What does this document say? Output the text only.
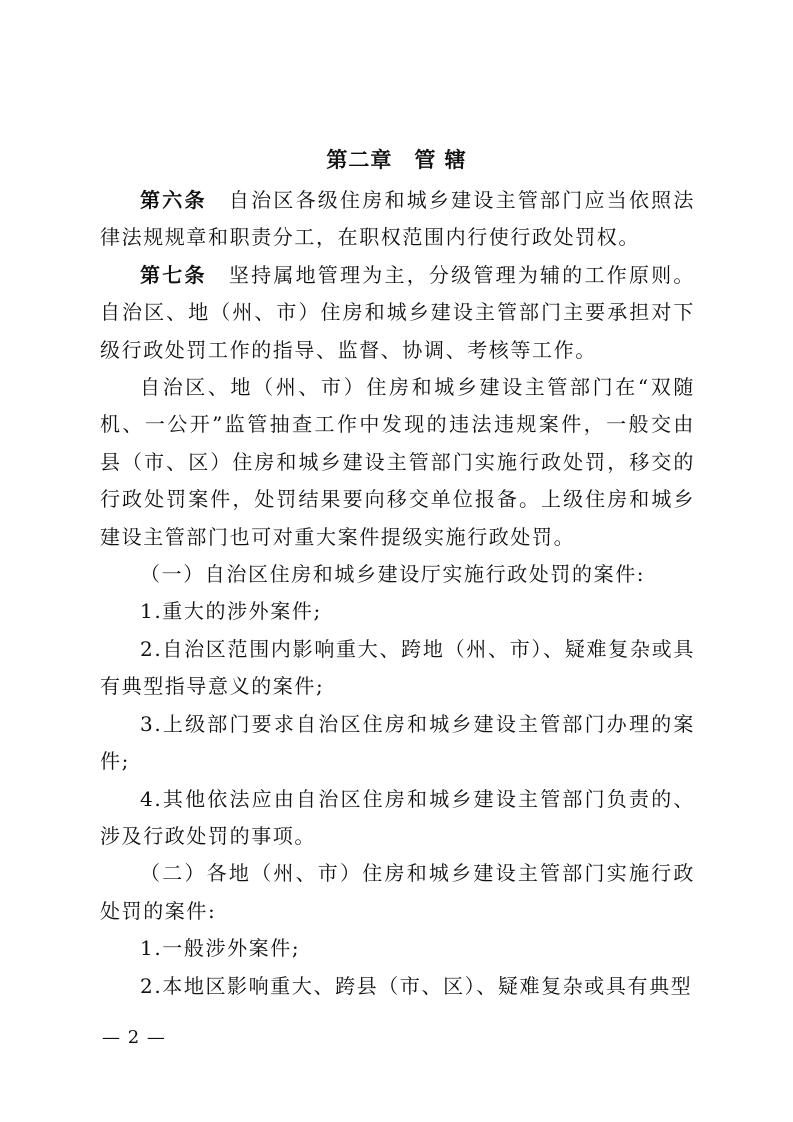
第二章　管 辖

第六条　自治区各级住房和城乡建设主管部门应当依照法律法规规章和职责分工，在职权范围内行使行政处罚权。

第七条　坚持属地管理为主，分级管理为辅的工作原则。自治区、地（州、市）住房和城乡建设主管部门主要承担对下级行政处罚工作的指导、监督、协调、考核等工作。

自治区、地（州、市）住房和城乡建设主管部门在“双随机、一公开”监管抽查工作中发现的违法违规案件，一般交由县（市、区）住房和城乡建设主管部门实施行政处罚，移交的行政处罚案件，处罚结果要向移交单位报备。上级住房和城乡建设主管部门也可对重大案件提级实施行政处罚。

（一）自治区住房和城乡建设厅实施行政处罚的案件:

1.重大的涉外案件;

2.自治区范围内影响重大、跨地（州、市）、疑难复杂或具有典型指导意义的案件;

3.上级部门要求自治区住房和城乡建设主管部门办理的案件;

4.其他依法应由自治区住房和城乡建设主管部门负责的、涉及行政处罚的事项。

（二）各地（州、市）住房和城乡建设主管部门实施行政处罚的案件:

1.一般涉外案件;

2.本地区影响重大、跨县（市、区）、疑难复杂或具有典型

— 2 —
